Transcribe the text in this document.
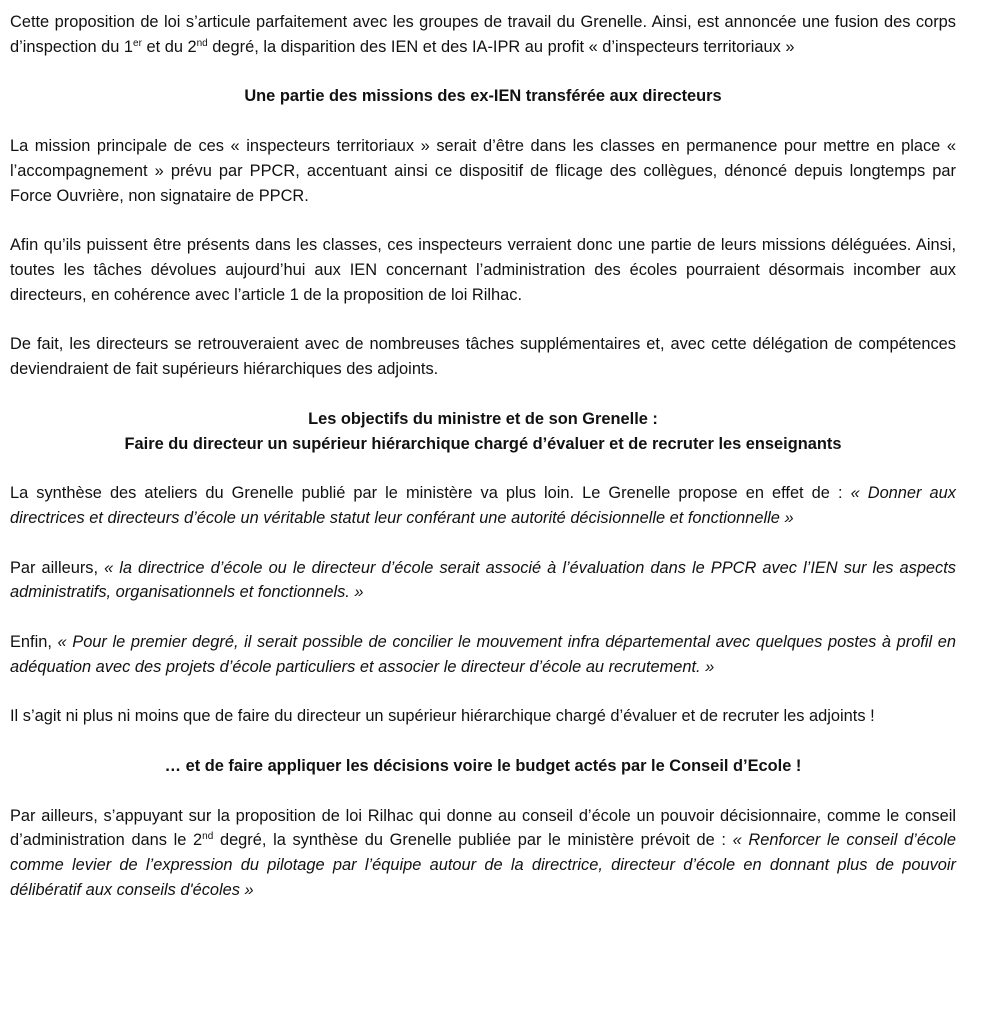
Cette proposition de loi s’articule parfaitement avec les groupes de travail du Grenelle. Ainsi, est annoncée une fusion des corps d’inspection du 1er et du 2nd degré, la disparition des IEN et des IA-IPR au profit « d’inspecteurs territoriaux »

Une partie des missions des ex-IEN transférée aux directeurs

La mission principale de ces « inspecteurs territoriaux » serait d’être dans les classes en permanence pour mettre en place « l’accompagnement » prévu par PPCR, accentuant ainsi ce dispositif de flicage des collègues, dénoncé depuis longtemps par Force Ouvrière, non signataire de PPCR.

Afin qu’ils puissent être présents dans les classes, ces inspecteurs verraient donc une partie de leurs missions déléguées. Ainsi, toutes les tâches dévolues aujourd’hui aux IEN concernant l’administration des écoles pourraient désormais incomber aux directeurs, en cohérence avec l’article 1 de la proposition de loi Rilhac.

De fait, les directeurs se retrouveraient avec de nombreuses tâches supplémentaires et, avec cette délégation de compétences deviendraient de fait supérieurs hiérarchiques des adjoints.

Les objectifs du ministre et de son Grenelle :
Faire du directeur un supérieur hiérarchique chargé d’évaluer et de recruter les enseignants

La synthèse des ateliers du Grenelle publié par le ministère va plus loin. Le Grenelle propose en effet de : « Donner aux directrices et directeurs d’école un véritable statut leur conférant une autorité décisionnelle et fonctionnelle »

Par ailleurs, « la directrice d’école ou le directeur d’école serait associé à l’évaluation dans le PPCR avec l’IEN sur les aspects administratifs, organisationnels et fonctionnels. »

Enfin, « Pour le premier degré, il serait possible de concilier le mouvement infra départemental avec quelques postes à profil en adéquation avec des projets d’école particuliers et associer le directeur d’école au recrutement. »

Il s’agit ni plus ni moins que de faire du directeur un supérieur hiérarchique chargé d’évaluer et de recruter les adjoints !

… et de faire appliquer les décisions voire le budget actés par le Conseil d’Ecole !

Par ailleurs, s’appuyant sur la proposition de loi Rilhac qui donne au conseil d’école un pouvoir décisionnaire, comme le conseil d’administration dans le 2nd degré, la synthèse du Grenelle publiée par le ministère prévoit de : « Renforcer le conseil d’école comme levier de l’expression du pilotage par l’équipe autour de la directrice, directeur d’école en donnant plus de pouvoir délibératif aux conseils d'écoles »
